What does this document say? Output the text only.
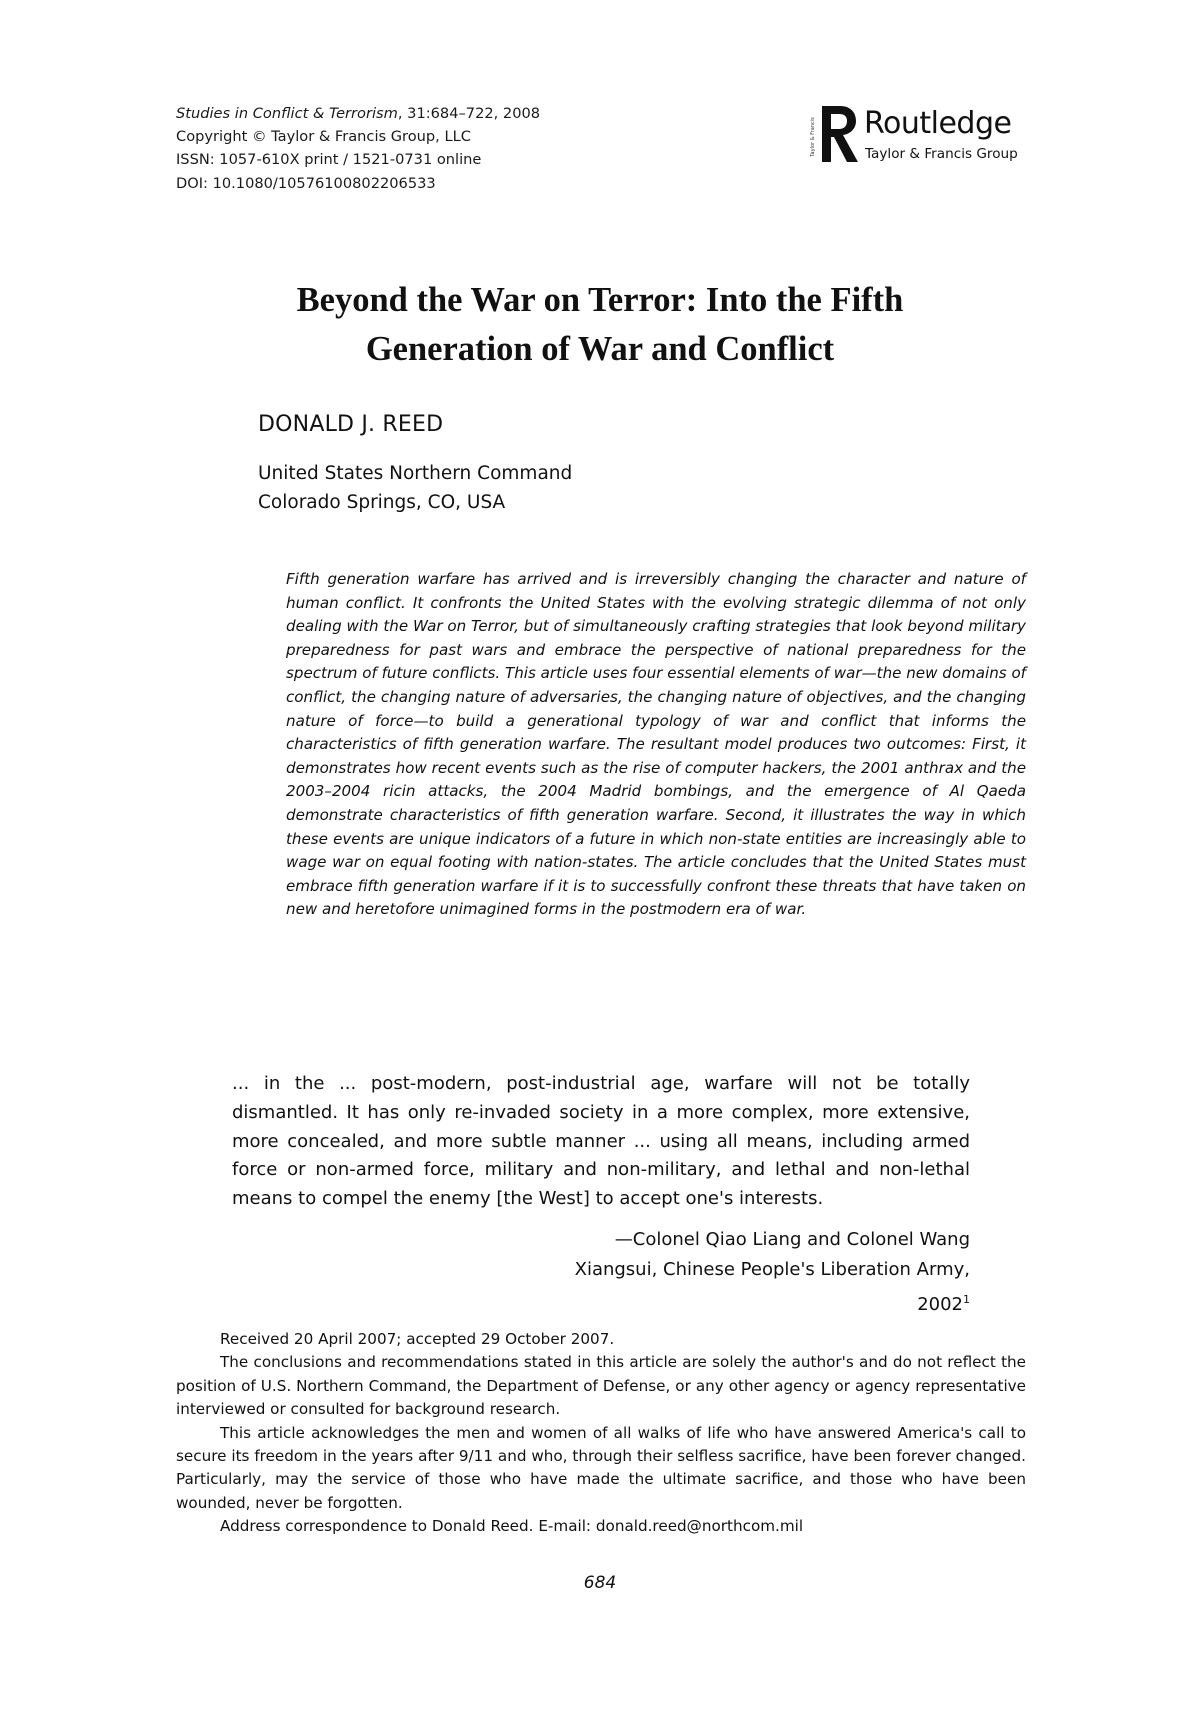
Studies in Conflict & Terrorism, 31:684–722, 2008
Copyright © Taylor & Francis Group, LLC
ISSN: 1057-610X print / 1521-0731 online
DOI: 10.1080/10576100802206533
Taylor & Francis Routledge
Taylor & Francis Group
Beyond the War on Terror: Into the Fifth
Generation of War and Conflict
DONALD J. REED
United States Northern Command
Colorado Springs, CO, USA
Fifth generation warfare has arrived and is irreversibly changing the character and nature of human conflict. It confronts the United States with the evolving strategic dilemma of not only dealing with the War on Terror, but of simultaneously crafting strategies that look beyond military preparedness for past wars and embrace the perspective of national preparedness for the spectrum of future conflicts. This article uses four essential elements of war—the new domains of conflict, the changing nature of adversaries, the changing nature of objectives, and the changing nature of force—to build a generational typology of war and conflict that informs the characteristics of fifth generation warfare. The resultant model produces two outcomes: First, it demonstrates how recent events such as the rise of computer hackers, the 2001 anthrax and the 2003–2004 ricin attacks, the 2004 Madrid bombings, and the emergence of Al Qaeda demonstrate characteristics of fifth generation warfare. Second, it illustrates the way in which these events are unique indicators of a future in which non-state entities are increasingly able to wage war on equal footing with nation-states. The article concludes that the United States must embrace fifth generation warfare if it is to successfully confront these threats that have taken on new and heretofore unimagined forms in the postmodern era of war.
... in the ... post-modern, post-industrial age, warfare will not be totally dismantled. It has only re-invaded society in a more complex, more extensive, more concealed, and more subtle manner ... using all means, including armed force or non-armed force, military and non-military, and lethal and non-lethal means to compel the enemy [the West] to accept one's interests.
—Colonel Qiao Liang and Colonel Wang
Xiangsui, Chinese People's Liberation Army,
2002$^1$

Received 20 April 2007; accepted 29 October 2007.

The conclusions and recommendations stated in this article are solely the author's and do not reflect the position of U.S. Northern Command, the Department of Defense, or any other agency or agency representative interviewed or consulted for background research.

This article acknowledges the men and women of all walks of life who have answered America's call to secure its freedom in the years after 9/11 and who, through their selfless sacrifice, have been forever changed. Particularly, may the service of those who have made the ultimate sacrifice, and those who have been wounded, never be forgotten.

Address correspondence to Donald Reed. E-mail: donald.reed@northcom.mil

684
